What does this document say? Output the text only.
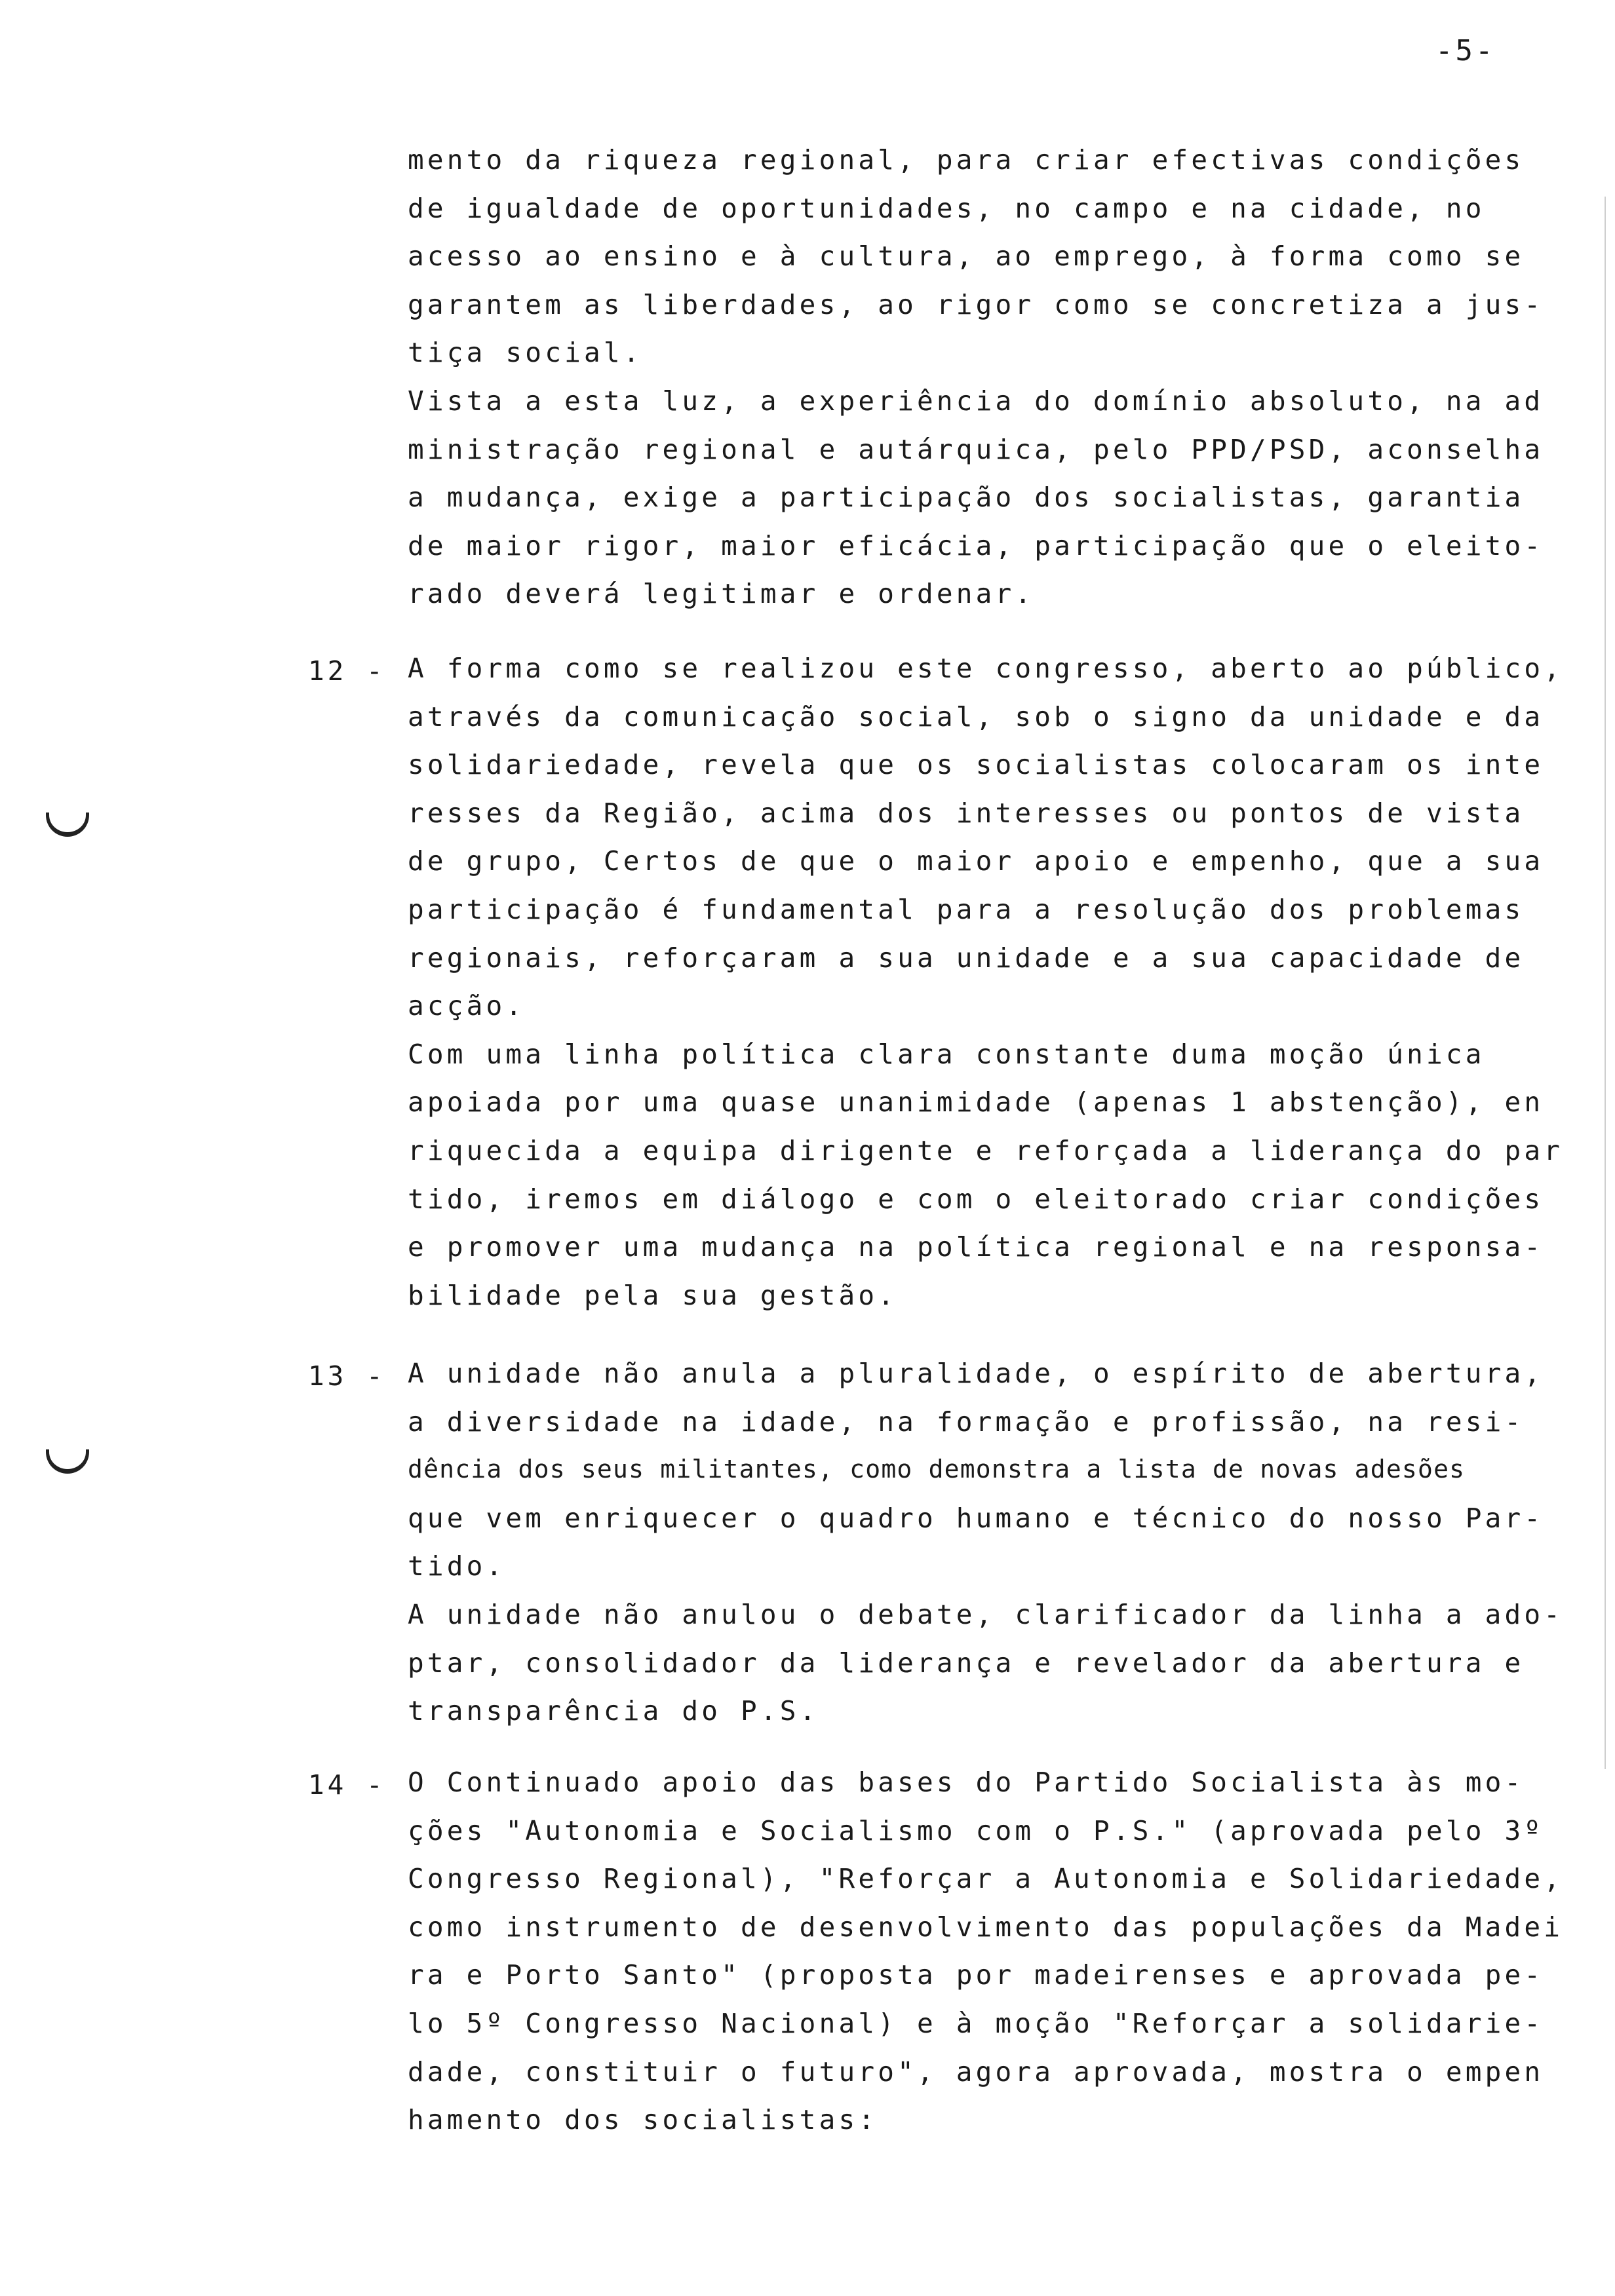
-5-
mento da riqueza regional, para criar efectivas condições
de igualdade de oportunidades, no campo e na cidade, no
acesso ao ensino e à cultura, ao emprego, à forma como se
garantem as liberdades, ao rigor como se concretiza a jus-
tiça social.
Vista a esta luz, a experiência do domínio absoluto, na ad
ministração regional e autárquica, pelo PPD/PSD, aconselha
a mudança, exige a participação dos socialistas, garantia
de maior rigor, maior eficácia, participação que o eleito-
rado deverá legitimar e ordenar.
12 - A forma como se realizou este congresso, aberto ao público,
através da comunicação social, sob o signo da unidade e da
solidariedade, revela que os socialistas colocaram os inte
resses da Região, acima dos interesses ou pontos de vista
de grupo, Certos de que o maior apoio e empenho, que a sua
participação é fundamental para a resolução dos problemas
regionais, reforçaram a sua unidade e a sua capacidade de
acção.
Com uma linha política clara constante duma moção única
apoiada por uma quase unanimidade (apenas 1 abstenção), en
riquecida a equipa dirigente e reforçada a liderança do par
tido, iremos em diálogo e com o eleitorado criar condições
e promover uma mudança na política regional e na responsa-
bilidade pela sua gestão.
13 - A unidade não anula a pluralidade, o espírito de abertura,
a diversidade na idade, na formação e profissão, na resi-
dência dos seus militantes, como demonstra a lista de novas adesões
que vem enriquecer o quadro humano e técnico do nosso Par-
tido.
A unidade não anulou o debate, clarificador da linha a ado-
ptar, consolidador da liderança e revelador da abertura e
transparência do P.S.
14 - O Continuado apoio das bases do Partido Socialista às mo-
ções "Autonomia e Socialismo com o P.S." (aprovada pelo 3º
Congresso Regional), "Reforçar a Autonomia e Solidariedade,
como instrumento de desenvolvimento das populações da Madei
ra e Porto Santo" (proposta por madeirenses e aprovada pe-
lo 5º Congresso Nacional) e à moção "Reforçar a solidarie-
dade, constituir o futuro", agora aprovada, mostra o empen
hamento dos socialistas:
